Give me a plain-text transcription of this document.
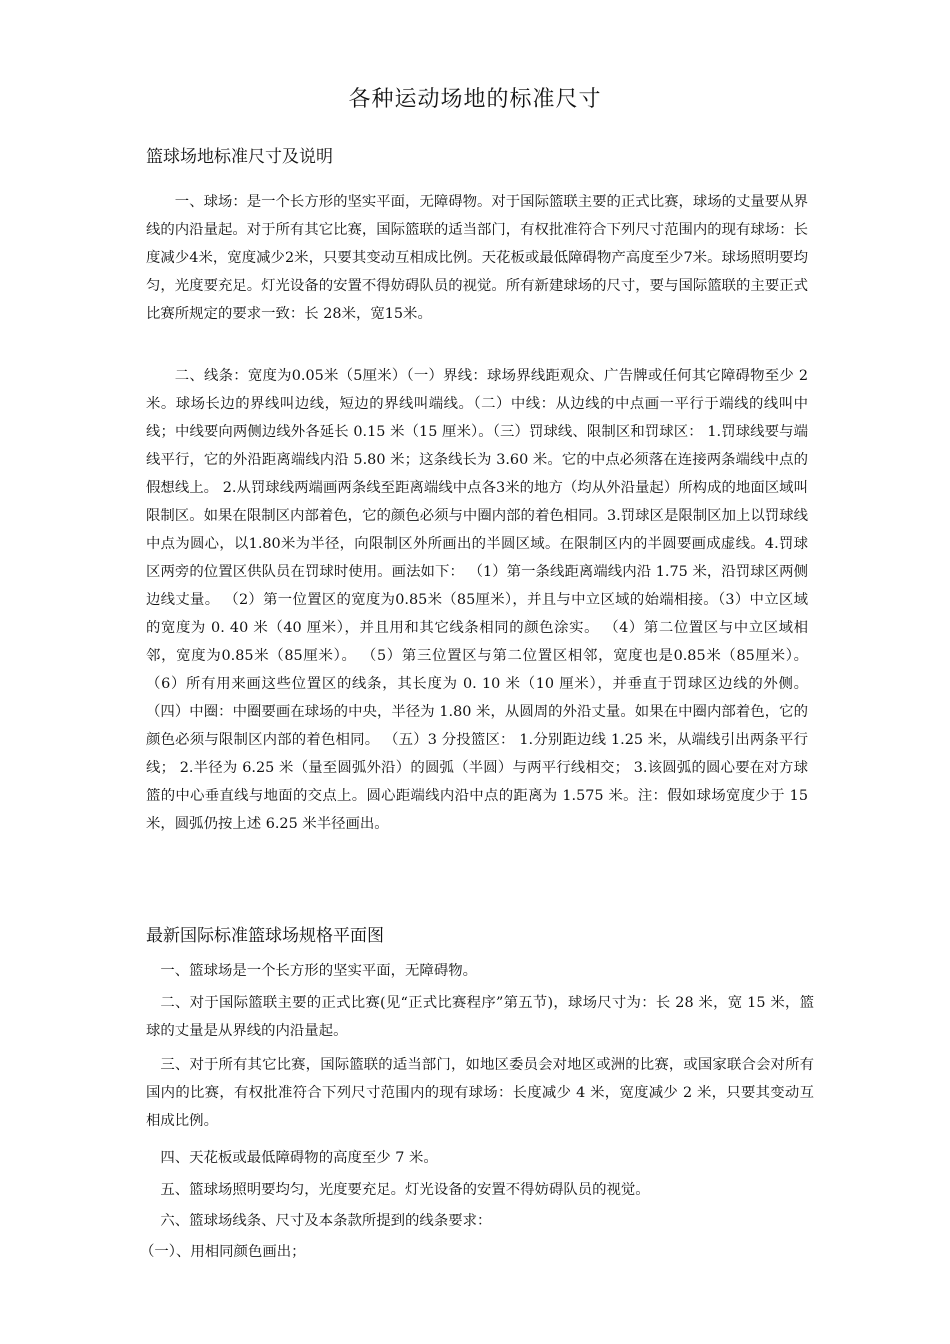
各种运动场地的标准尺寸
篮球场地标准尺寸及说明
一、球场：是一个长方形的坚实平面，无障碍物。对于国际篮联主要的正式比赛，球场的丈量要从界线的内沿量起。对于所有其它比赛，国际篮联的适当部门，有权批准符合下列尺寸范围内的现有球场：长度减少4米，宽度减少2米，只要其变动互相成比例。天花板或最低障碍物产高度至少7米。球场照明要均匀，光度要充足。灯光设备的安置不得妨碍队员的视觉。所有新建球场的尺寸，要与国际篮联的主要正式比赛所规定的要求一致：长 28米，宽15米。
二、线条：宽度为0.05米（5厘米）（一）界线：球场界线距观众、广告牌或任何其它障碍物至少 2 米。球场长边的界线叫边线，短边的界线叫端线。（二）中线：从边线的中点画一平行于端线的线叫中线；中线要向两侧边线外各延长 0.15 米（15 厘米）。（三）罚球线、限制区和罚球区： 1.罚球线要与端线平行，它的外沿距离端线内沿 5.80 米；这条线长为 3.60 米。它的中点必须落在连接两条端线中点的假想线上。 2.从罚球线两端画两条线至距离端线中点各3米的地方（均从外沿量起）所构成的地面区域叫限制区。如果在限制区内部着色，它的颜色必须与中圈内部的着色相同。3.罚球区是限制区加上以罚球线中点为圆心，以1.80米为半径，向限制区外所画出的半圆区域。在限制区内的半圆要画成虚线。4.罚球区两旁的位置区供队员在罚球时使用。画法如下： （1）第一条线距离端线内沿 1.75 米，沿罚球区两侧边线丈量。 （2）第一位置区的宽度为0.85米（85厘米），并且与中立区域的始端相接。（3）中立区域的宽度为 0. 40 米（40 厘米），并且用和其它线条相同的颜色涂实。 （4）第二位置区与中立区域相邻，宽度为0.85米（85厘米）。 （5）第三位置区与第二位置区相邻，宽度也是0.85米（85厘米）。 （6）所有用来画这些位置区的线条，其长度为 0. 10 米（10 厘米），并垂直于罚球区边线的外侧。 （四）中圈：中圈要画在球场的中央，半径为 1.80 米，从圆周的外沿丈量。如果在中圈内部着色，它的颜色必须与限制区内部的着色相同。 （五）3 分投篮区： 1.分别距边线 1.25 米，从端线引出两条平行线； 2.半径为 6.25 米（量至圆弧外沿）的圆弧（半圆）与两平行线相交； 3.该圆弧的圆心要在对方球篮的中心垂直线与地面的交点上。圆心距端线内沿中点的距离为 1.575 米。注：假如球场宽度少于 15 米，圆弧仍按上述 6.25 米半径画出。
最新国际标准篮球场规格平面图
一、篮球场是一个长方形的坚实平面，无障碍物。
二、对于国际篮联主要的正式比赛(见“正式比赛程序”第五节)，球场尺寸为：长 28 米，宽 15 米，篮球的丈量是从界线的内沿量起。
三、对于所有其它比赛，国际篮联的适当部门，如地区委员会对地区或洲的比赛，或国家联合会对所有国内的比赛，有权批准符合下列尺寸范围内的现有球场：长度减少 4 米，宽度减少 2 米，只要其变动互相成比例。
四、天花板或最低障碍物的高度至少 7 米。
五、篮球场照明要均匀，光度要充足。灯光设备的安置不得妨碍队员的视觉。
六、篮球场线条、尺寸及本条款所提到的线条要求：
（一）、用相同颜色画出；
